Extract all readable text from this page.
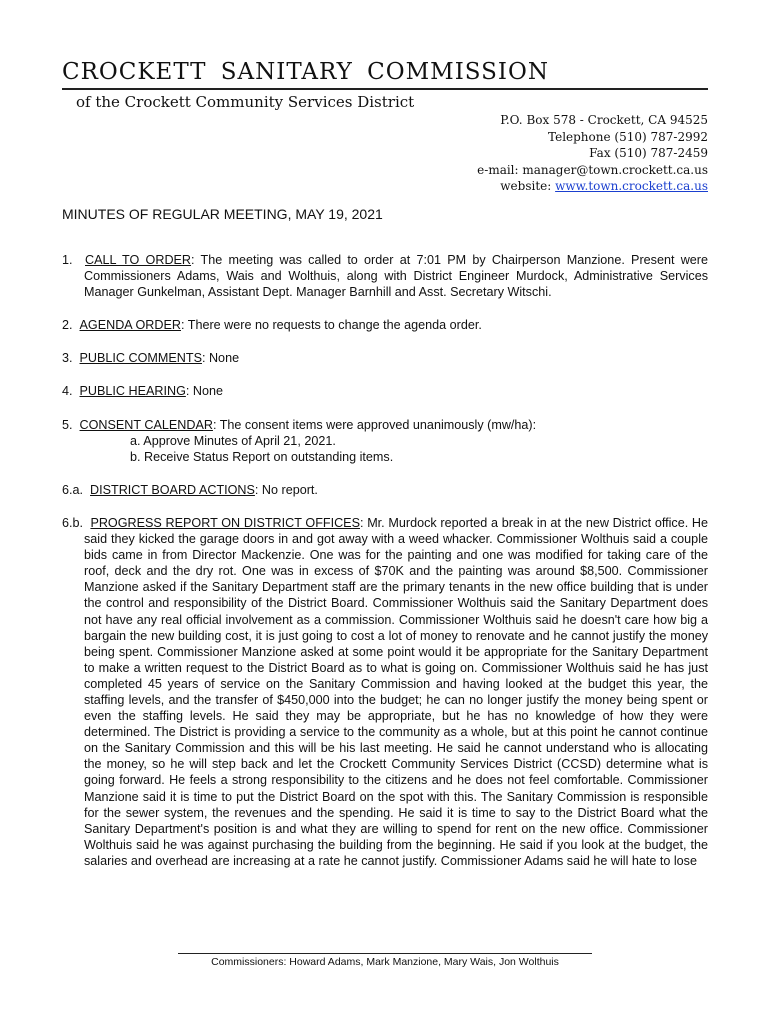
CROCKETT SANITARY COMMISSION
of the Crockett Community Services District
P.O. Box 578 - Crockett, CA 94525
Telephone (510) 787-2992
Fax (510) 787-2459
e-mail: manager@town.crockett.ca.us
website: www.town.crockett.ca.us
MINUTES OF REGULAR MEETING, MAY 19, 2021
1. CALL TO ORDER: The meeting was called to order at 7:01 PM by Chairperson Manzione. Present were Commissioners Adams, Wais and Wolthuis, along with District Engineer Murdock, Administrative Services Manager Gunkelman, Assistant Dept. Manager Barnhill and Asst. Secretary Witschi.
2. AGENDA ORDER: There were no requests to change the agenda order.
3. PUBLIC COMMENTS: None
4. PUBLIC HEARING: None
5. CONSENT CALENDAR: The consent items were approved unanimously (mw/ha):
a. Approve Minutes of April 21, 2021.
b. Receive Status Report on outstanding items.
6.a. DISTRICT BOARD ACTIONS: No report.
6.b. PROGRESS REPORT ON DISTRICT OFFICES: Mr. Murdock reported a break in at the new District office. He said they kicked the garage doors in and got away with a weed whacker. Commissioner Wolthuis said a couple bids came in from Director Mackenzie. One was for the painting and one was modified for taking care of the roof, deck and the dry rot. One was in excess of $70K and the painting was around $8,500. Commissioner Manzione asked if the Sanitary Department staff are the primary tenants in the new office building that is under the control and responsibility of the District Board. Commissioner Wolthuis said the Sanitary Department does not have any real official involvement as a commission. Commissioner Wolthuis said he doesn't care how big a bargain the new building cost, it is just going to cost a lot of money to renovate and he cannot justify the money being spent. Commissioner Manzione asked at some point would it be appropriate for the Sanitary Department to make a written request to the District Board as to what is going on. Commissioner Wolthuis said he has just completed 45 years of service on the Sanitary Commission and having looked at the budget this year, the staffing levels, and the transfer of $450,000 into the budget; he can no longer justify the money being spent or even the staffing levels. He said they may be appropriate, but he has no knowledge of how they were determined. The District is providing a service to the community as a whole, but at this point he cannot continue on the Sanitary Commission and this will be his last meeting. He said he cannot understand who is allocating the money, so he will step back and let the Crockett Community Services District (CCSD) determine what is going forward. He feels a strong responsibility to the citizens and he does not feel comfortable. Commissioner Manzione said it is time to put the District Board on the spot with this. The Sanitary Commission is responsible for the sewer system, the revenues and the spending. He said it is time to say to the District Board what the Sanitary Department's position is and what they are willing to spend for rent on the new office. Commissioner Wolthuis said he was against purchasing the building from the beginning. He said if you look at the budget, the salaries and overhead are increasing at a rate he cannot justify. Commissioner Adams said he will hate to lose
Commissioners: Howard Adams, Mark Manzione, Mary Wais, Jon Wolthuis
